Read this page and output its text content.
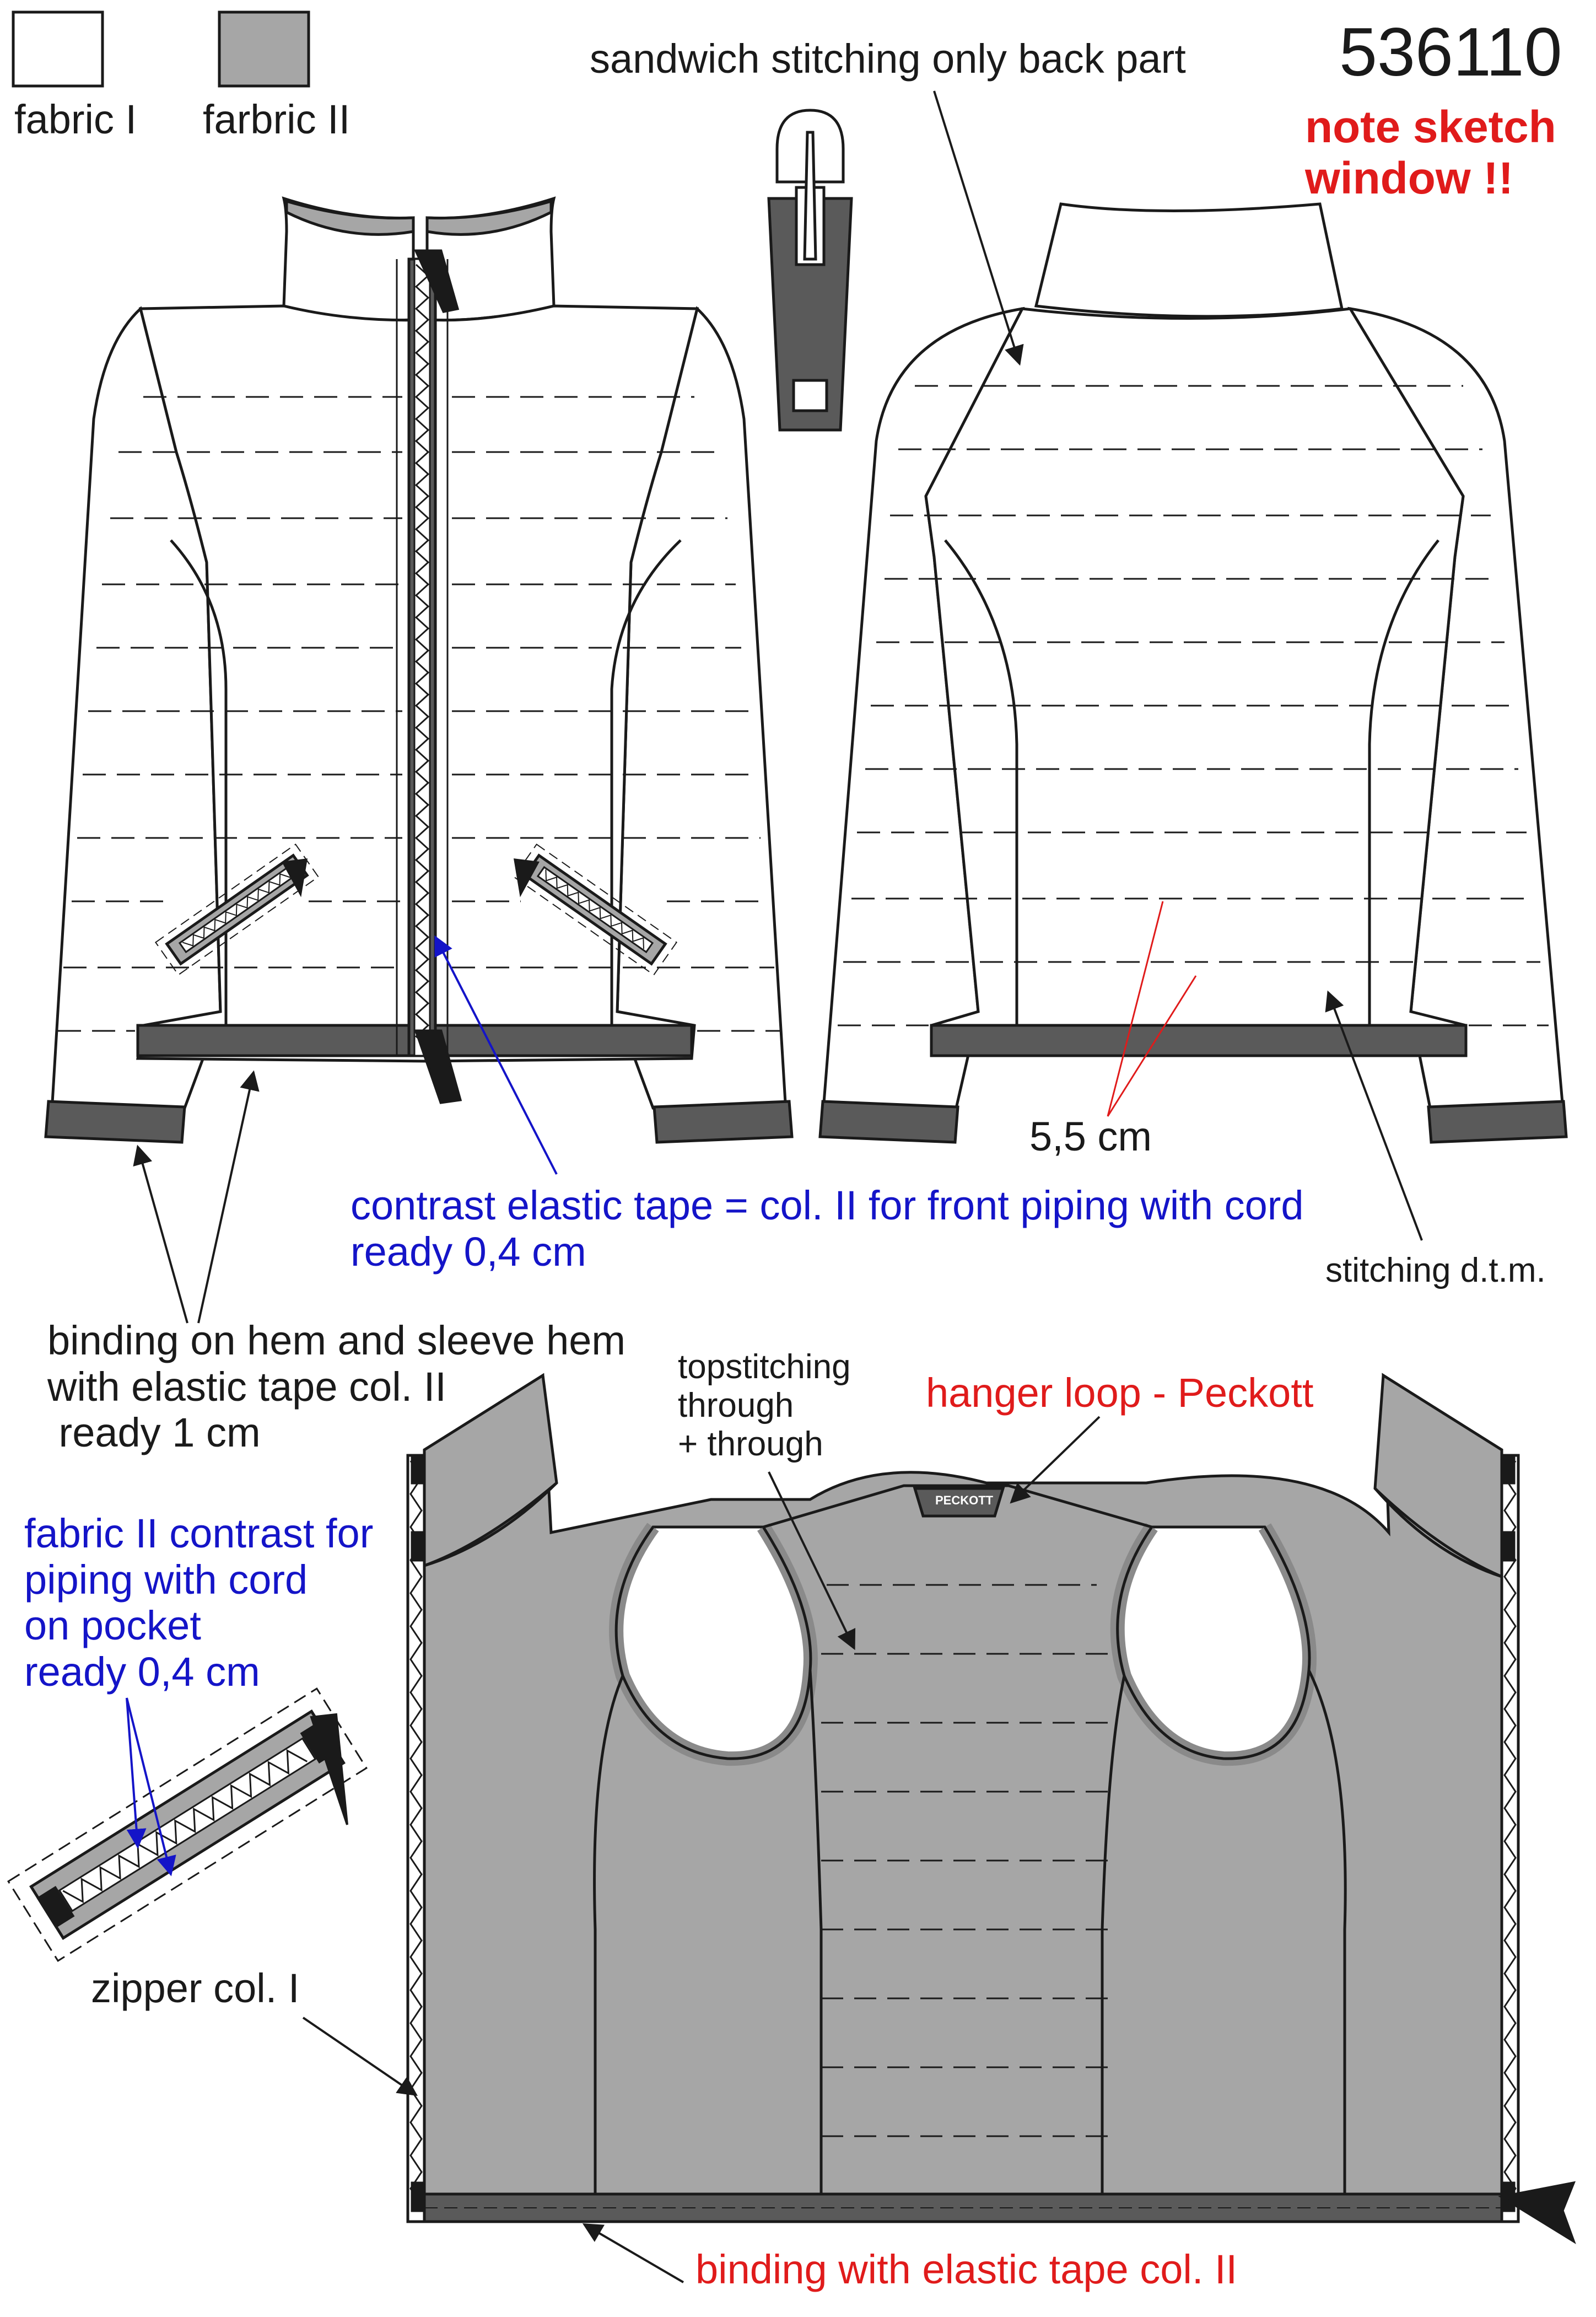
fabric I farbric II
sandwich stitching only back part 536110
note sketch
window !!
5,5 cm
contrast elastic tape = col. II for front piping with cord
ready 0,4 cm	stitching d.t.m.
binding on hem and sleeve hem
with elastic tape col. II
ready 1 cm
topstitching
through
+ through
hanger loop - Peckott
PECKOTT
fabric II contrast for
piping with cord
on pocket
ready 0,4 cm
zipper col. I
binding with elastic tape col. II
